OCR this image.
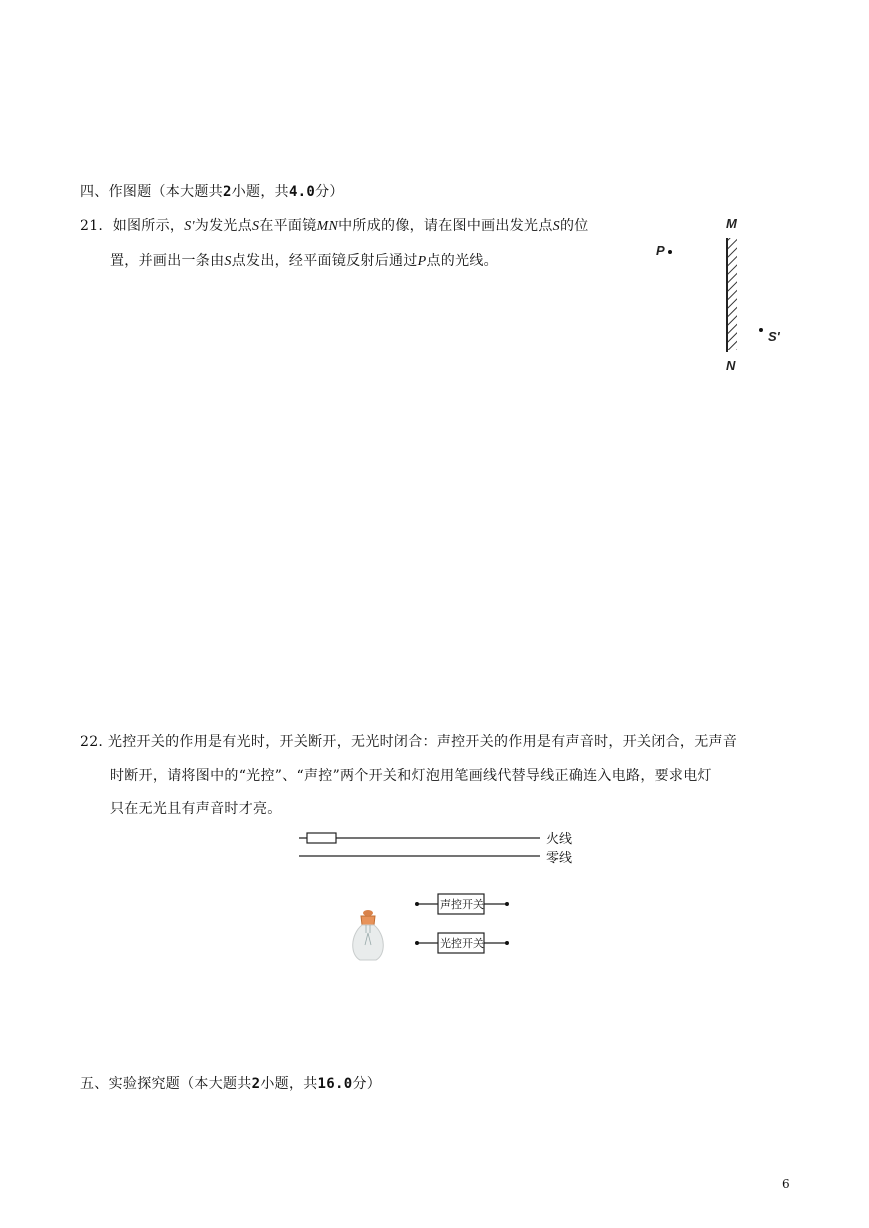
四、作图题（本大题共2小题，共4.0分）
21. 如图所示，S'为发光点S在平面镜MN中所成的像，请在图中画出发光点S的位
置，并画出一条由S点发出，经平面镜反射后通过P点的光线。
M
N
P
S'
22. 光控开关的作用是有光时，开关断开，无光时闭合：声控开关的作用是有声音时，开关闭合，无声音
时断开，请将图中的“光控”、“声控”两个开关和灯泡用笔画线代替导线正确连入电路，要求电灯
只在无光且有声音时才亮。
火线
零线
声控开关
光控开关
五、实验探究题（本大题共2小题，共16.0分）
6
